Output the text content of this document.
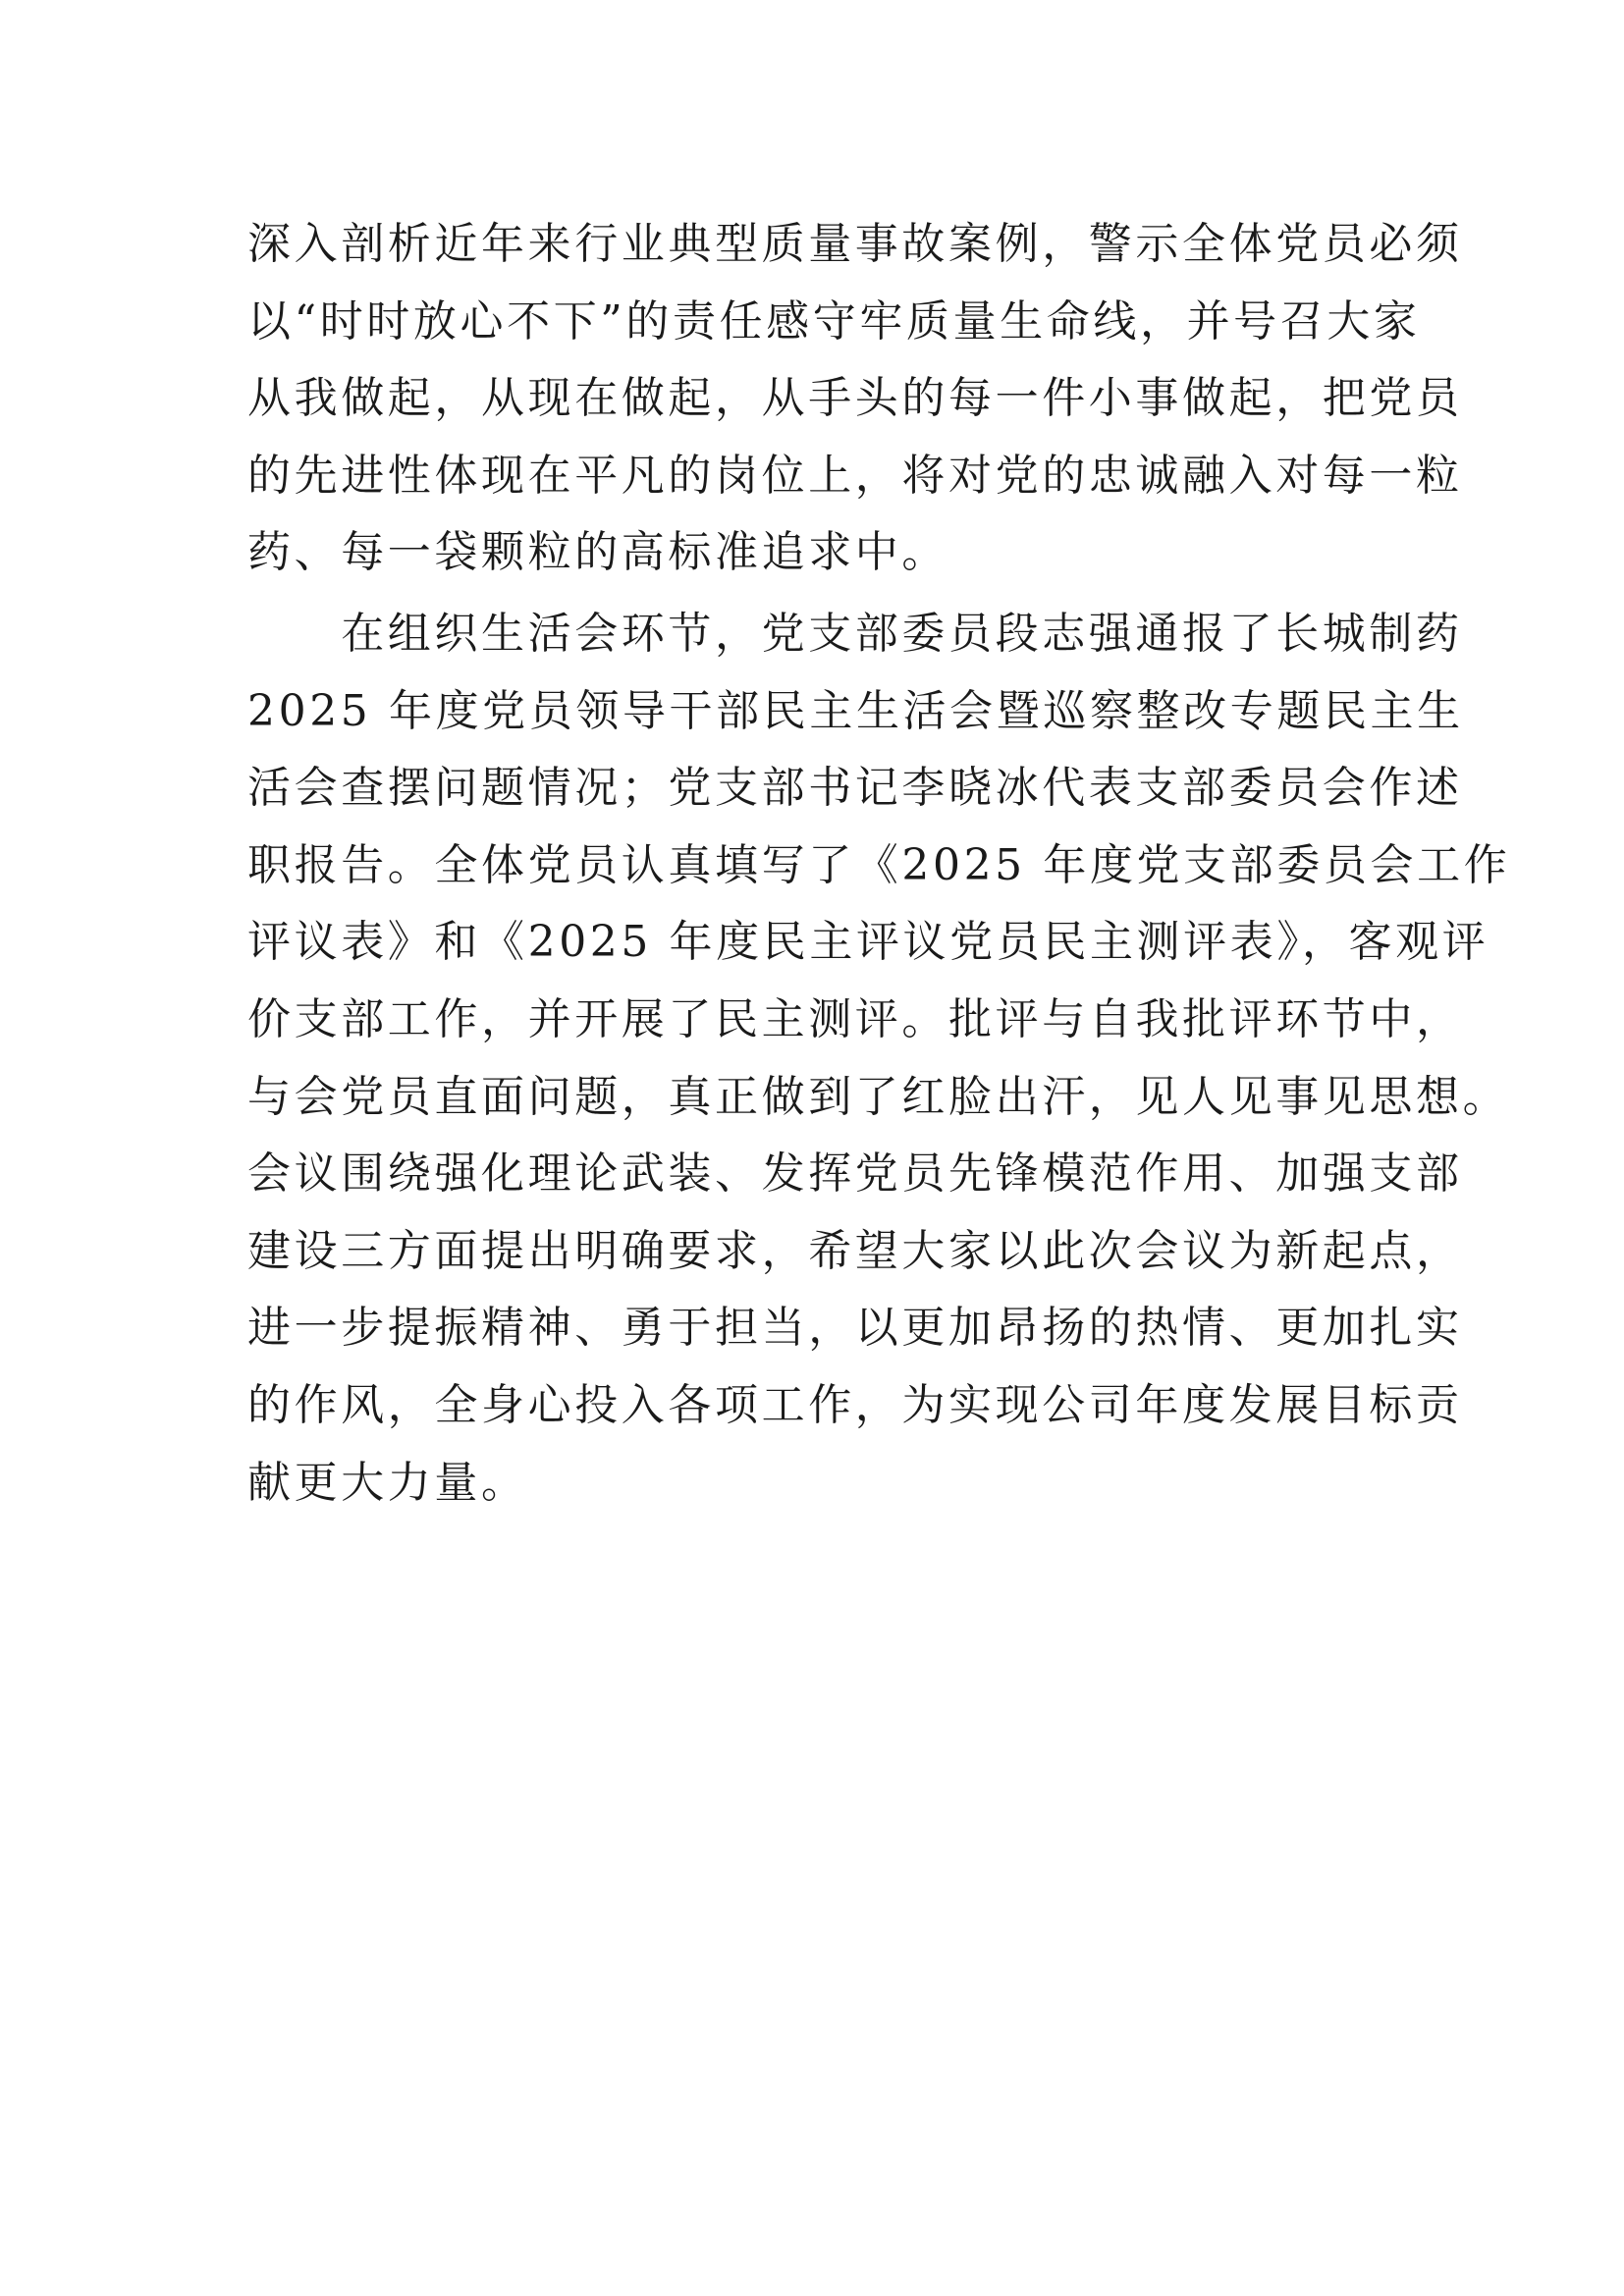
深入剖析近年来行业典型质量事故案例，警示全体党员必须
以“时时放心不下”的责任感守牢质量生命线，并号召大家
从我做起，从现在做起，从手头的每一件小事做起，把党员
的先进性体现在平凡的岗位上，将对党的忠诚融入对每一粒
药、每一袋颗粒的高标准追求中。
　　在组织生活会环节，党支部委员段志强通报了长城制药
2025 年度党员领导干部民主生活会暨巡察整改专题民主生
活会查摆问题情况；党支部书记李晓冰代表支部委员会作述
职报告。全体党员认真填写了《2025 年度党支部委员会工作
评议表》和《2025 年度民主评议党员民主测评表》，客观评
价支部工作，并开展了民主测评。批评与自我批评环节中，
与会党员直面问题，真正做到了红脸出汗，见人见事见思想。
会议围绕强化理论武装、发挥党员先锋模范作用、加强支部
建设三方面提出明确要求，希望大家以此次会议为新起点，
进一步提振精神、勇于担当，以更加昂扬的热情、更加扎实
的作风，全身心投入各项工作，为实现公司年度发展目标贡
献更大力量。
